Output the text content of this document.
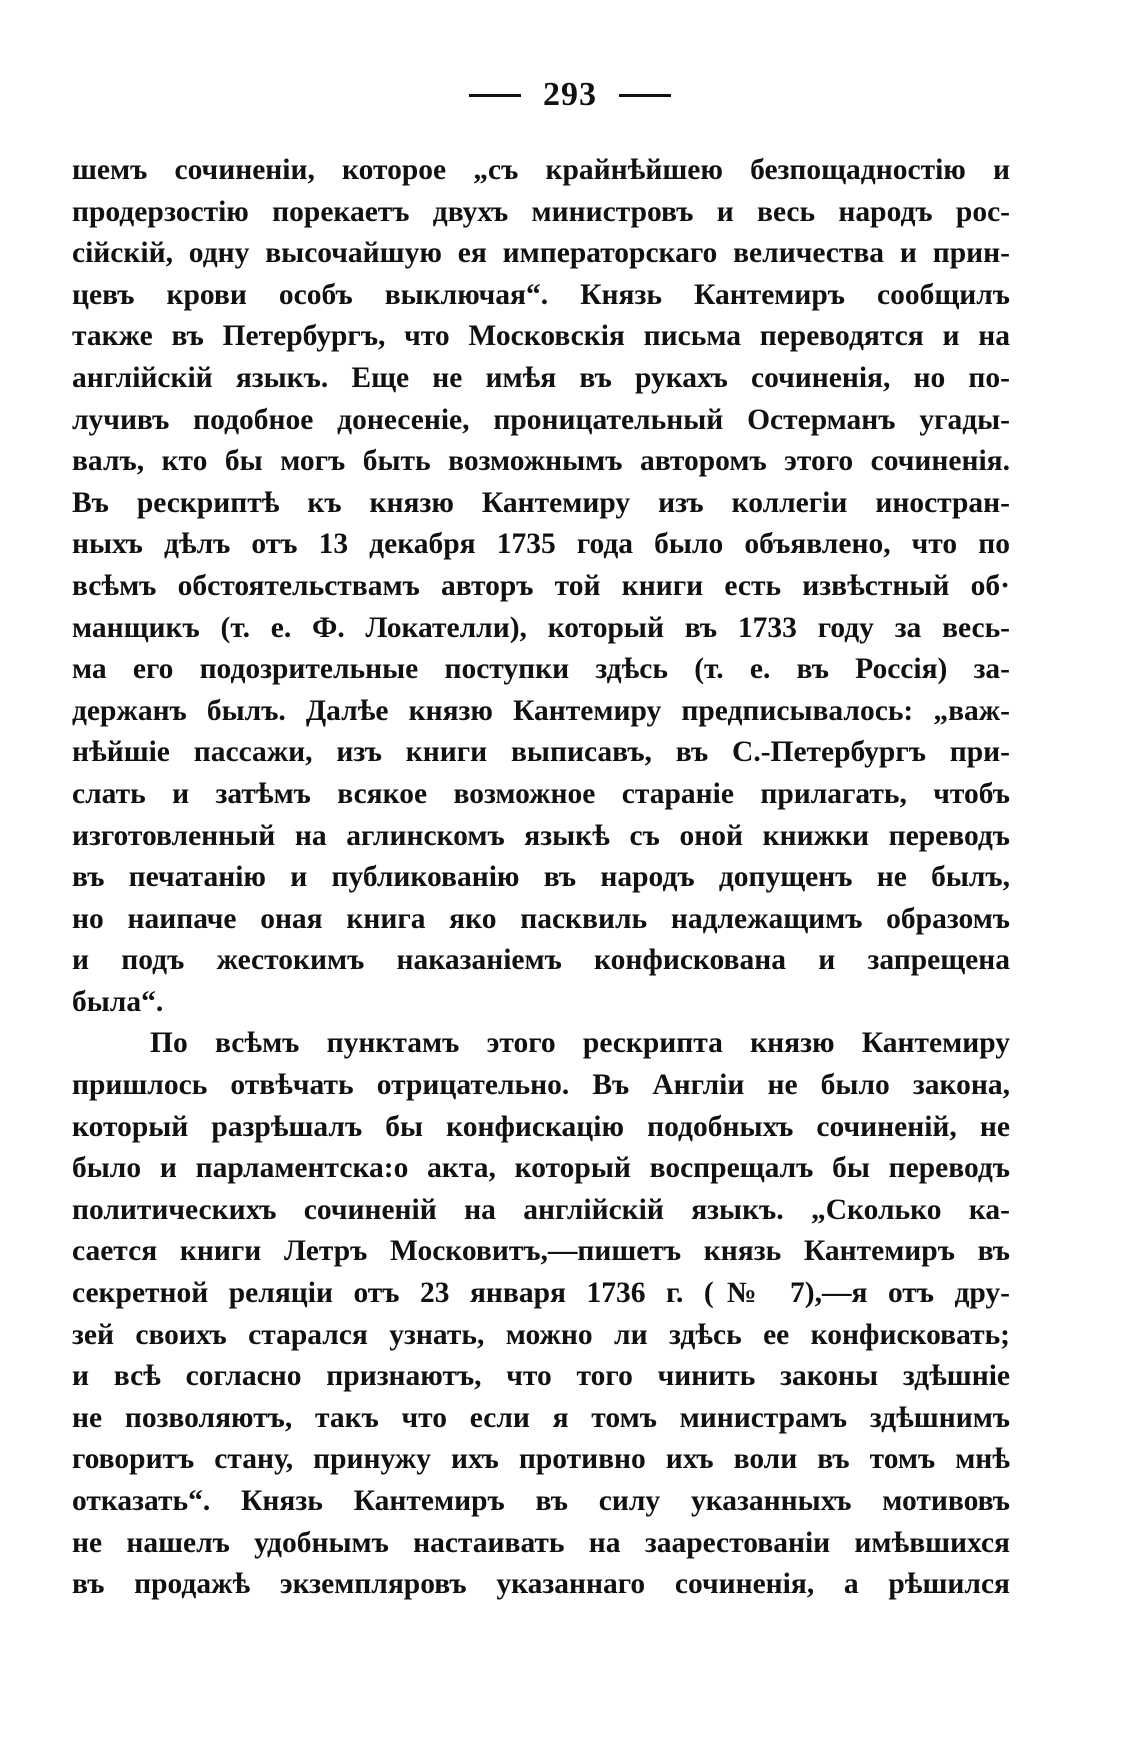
293
шемъ сочиненіи, которое „съ крайнѣйшею безпощадностію и
продерзостію порекаетъ двухъ министровъ и весь народъ рос-
сійскій, одну высочайшую ея императорскаго величества и прин-
цевъ крови особъ выключая“. Князь Кантемиръ сообщилъ
также въ Петербургъ, что Московскія письма переводятся и на
англійскій языкъ. Еще не имѣя въ рукахъ сочиненія, но по-
лучивъ подобное донесеніе, проницательный Остерманъ угады-
валъ, кто бы могъ быть возможнымъ авторомъ этого сочиненія.
Въ рескриптѣ къ князю Кантемиру изъ коллегіи иностран-
ныхъ дѣлъ отъ 13 декабря 1735 года было объявлено, что по
всѣмъ обстоятельствамъ авторъ той книги есть извѣстный об·
манщикъ (т. е. Ф. Локателли), который въ 1733 году за весь-
ма его подозрительные поступки здѣсь (т. е. въ Россія) за-
держанъ былъ. Далѣе князю Кантемиру предписывалось: „важ-
нѣйшіе пассажи, изъ книги выписавъ, въ С.-Петербургъ при-
слать и затѣмъ всякое возможное стараніе прилагать, чтобъ
изготовленный на аглинскомъ языкѣ съ оной книжки переводъ
въ печатанію и публикованію въ народъ допущенъ не былъ,
но наипаче оная книга яко пасквиль надлежащимъ образомъ
и подъ жестокимъ наказаніемъ конфискована и запрещена
была“.
По всѣмъ пунктамъ этого рескрипта князю Кантемиру
пришлось отвѣчать отрицательно. Въ Англіи не было закона,
который разрѣшалъ бы конфискацію подобныхъ сочиненій, не
было и парламентска:о акта, который воспрещалъ бы переводъ
политическихъ сочиненій на англійскій языкъ. „Сколько ка-
сается книги Летръ Московитъ,—пишетъ князь Кантемиръ въ
секретной реляціи отъ 23 января 1736 г. (№ 7),—я отъ дру-
зей своихъ старался узнать, можно ли здѣсь ее конфисковать;
и всѣ согласно признаютъ, что того чинить законы здѣшніе
не позволяютъ, такъ что если я томъ министрамъ здѣшнимъ
говоритъ стану, принужу ихъ противно ихъ воли въ томъ мнѣ
отказать“. Князь Кантемиръ въ силу указанныхъ мотивовъ
не нашелъ удобнымъ настаивать на заарестованіи имѣвшихся
въ продажѣ экземпляровъ указаннаго сочиненія, а рѣшился
